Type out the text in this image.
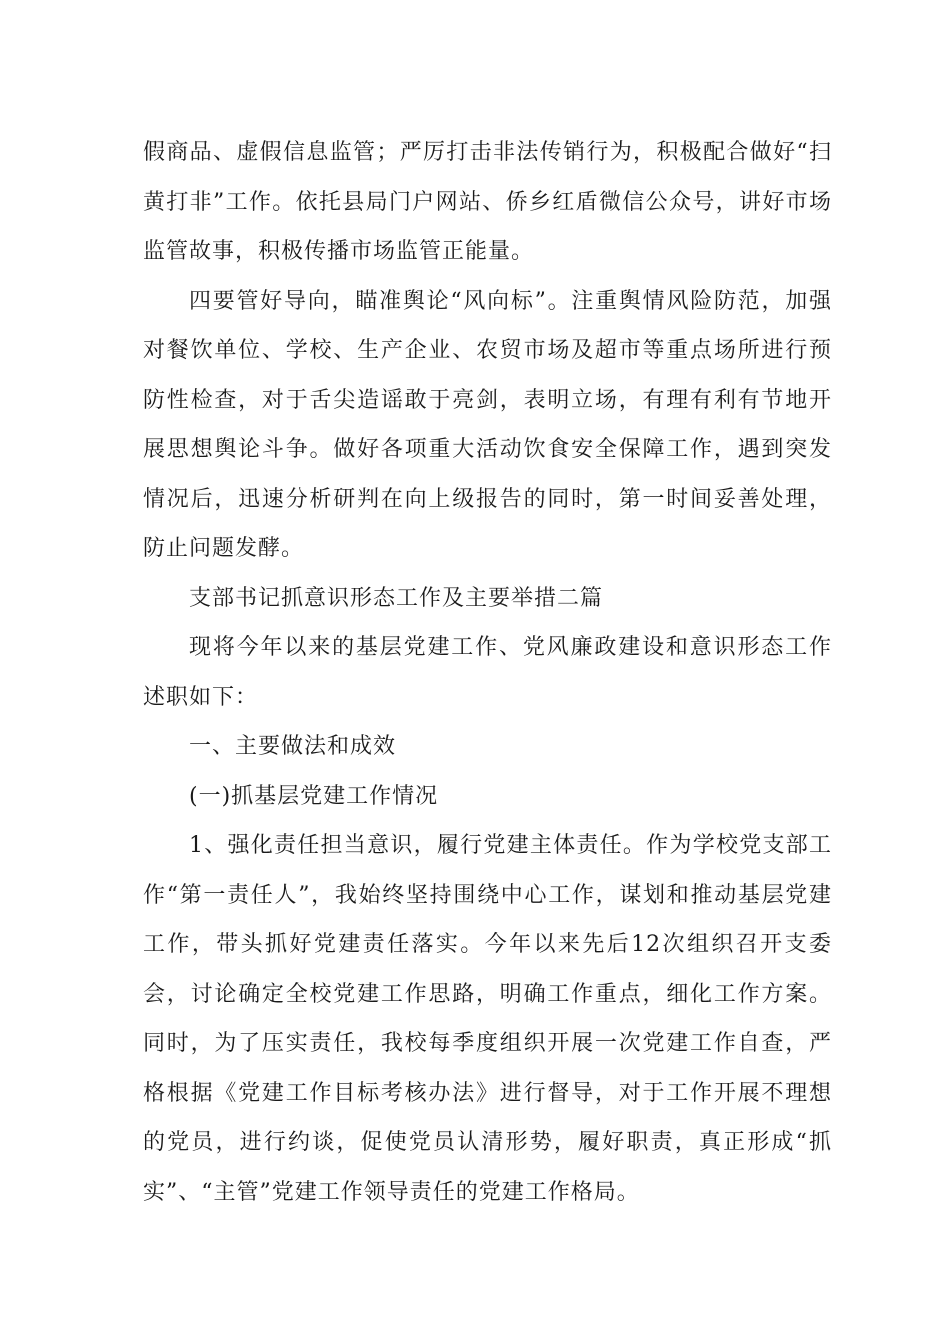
假商品、虚假信息监管；严厉打击非法传销行为，积极配合做好“扫黄打非”工作。依托县局门户网站、侨乡红盾微信公众号，讲好市场监管故事，积极传播市场监管正能量。

四要管好导向，瞄准舆论“风向标”。注重舆情风险防范，加强对餐饮单位、学校、生产企业、农贸市场及超市等重点场所进行预防性检查，对于舌尖造谣敢于亮剑，表明立场，有理有利有节地开展思想舆论斗争。做好各项重大活动饮食安全保障工作，遇到突发情况后，迅速分析研判在向上级报告的同时，第一时间妥善处理，防止问题发酵。

支部书记抓意识形态工作及主要举措二篇

现将今年以来的基层党建工作、党风廉政建设和意识形态工作述职如下：

一、主要做法和成效

(一)抓基层党建工作情况

1、强化责任担当意识，履行党建主体责任。作为学校党支部工作“第一责任人”，我始终坚持围绕中心工作，谋划和推动基层党建工作，带头抓好党建责任落实。今年以来先后12次组织召开支委会，讨论确定全校党建工作思路，明确工作重点，细化工作方案。同时，为了压实责任，我校每季度组织开展一次党建工作自查，严格根据《党建工作目标考核办法》进行督导，对于工作开展不理想的党员，进行约谈，促使党员认清形势，履好职责，真正形成“抓实”、“主管”党建工作领导责任的党建工作格局。
